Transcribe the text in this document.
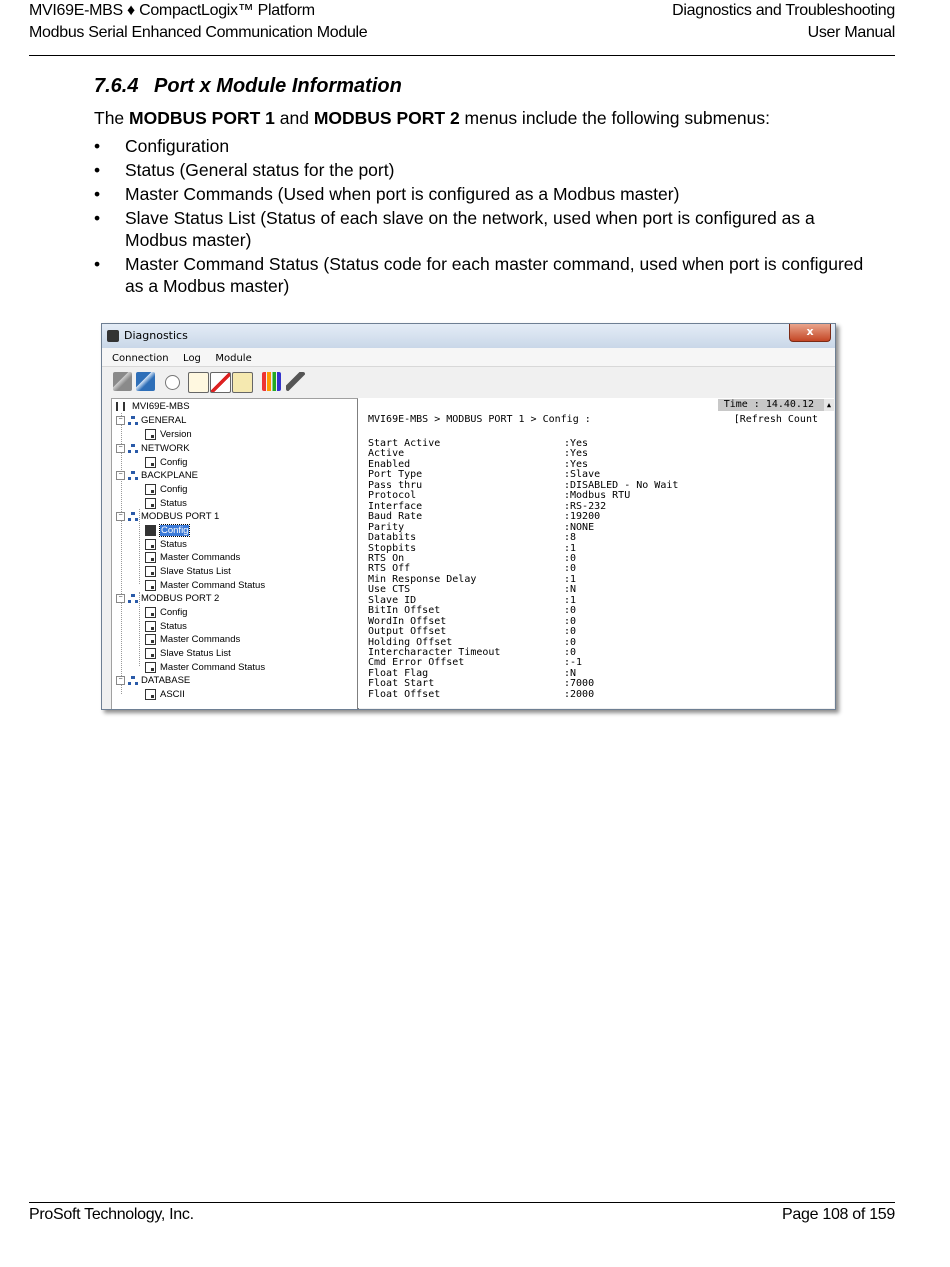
MVI69E-MBS ♦ CompactLogix™ Platform
Modbus Serial Enhanced Communication Module
Diagnostics and Troubleshooting
User Manual
7.6.4 Port x Module Information

The MODBUS PORT 1 and MODBUS PORT 2 menus include the following submenus:

• Configuration
• Status (General status for the port)
• Master Commands (Used when port is configured as a Modbus master)
• Slave Status List (Status of each slave on the network, used when port is configured as a Modbus master)
• Master Command Status (Status code for each master command, used when port is configured as a Modbus master)
Diagnostics	x
Connection Log Module
MVI69E-MBS
− GENERAL
Version
− NETWORK
Config
− BACKPLANE
Config
Status
− MODBUS PORT 1
Config
Status
Master Commands
Slave Status List
Master Command Status
− MODBUS PORT 2
Config
Status
Master Commands
Slave Status List
Master Command Status
− DATABASE
ASCII
Time : 14.40.12	▲
MVI69E-MBS > MODBUS PORT 1 > Config :	[Refresh Count
Start Active	:Yes
Active	:Yes
Enabled	:Yes
Port Type	:Slave
Pass thru	:DISABLED - No Wait
Protocol	:Modbus RTU
Interface	:RS-232
Baud Rate	:19200
Parity	:NONE
Databits	:8
Stopbits	:1
RTS On	:0
RTS Off	:0
Min Response Delay	:1
Use CTS	:N
Slave ID	:1
BitIn Offset	:0
WordIn Offset	:0
Output Offset	:0
Holding Offset	:0
Intercharacter Timeout	:0
Cmd Error Offset	:-1
Float Flag	:N
Float Start	:7000
Float Offset	:2000
ProSoft Technology, Inc.	Page 108 of 159
